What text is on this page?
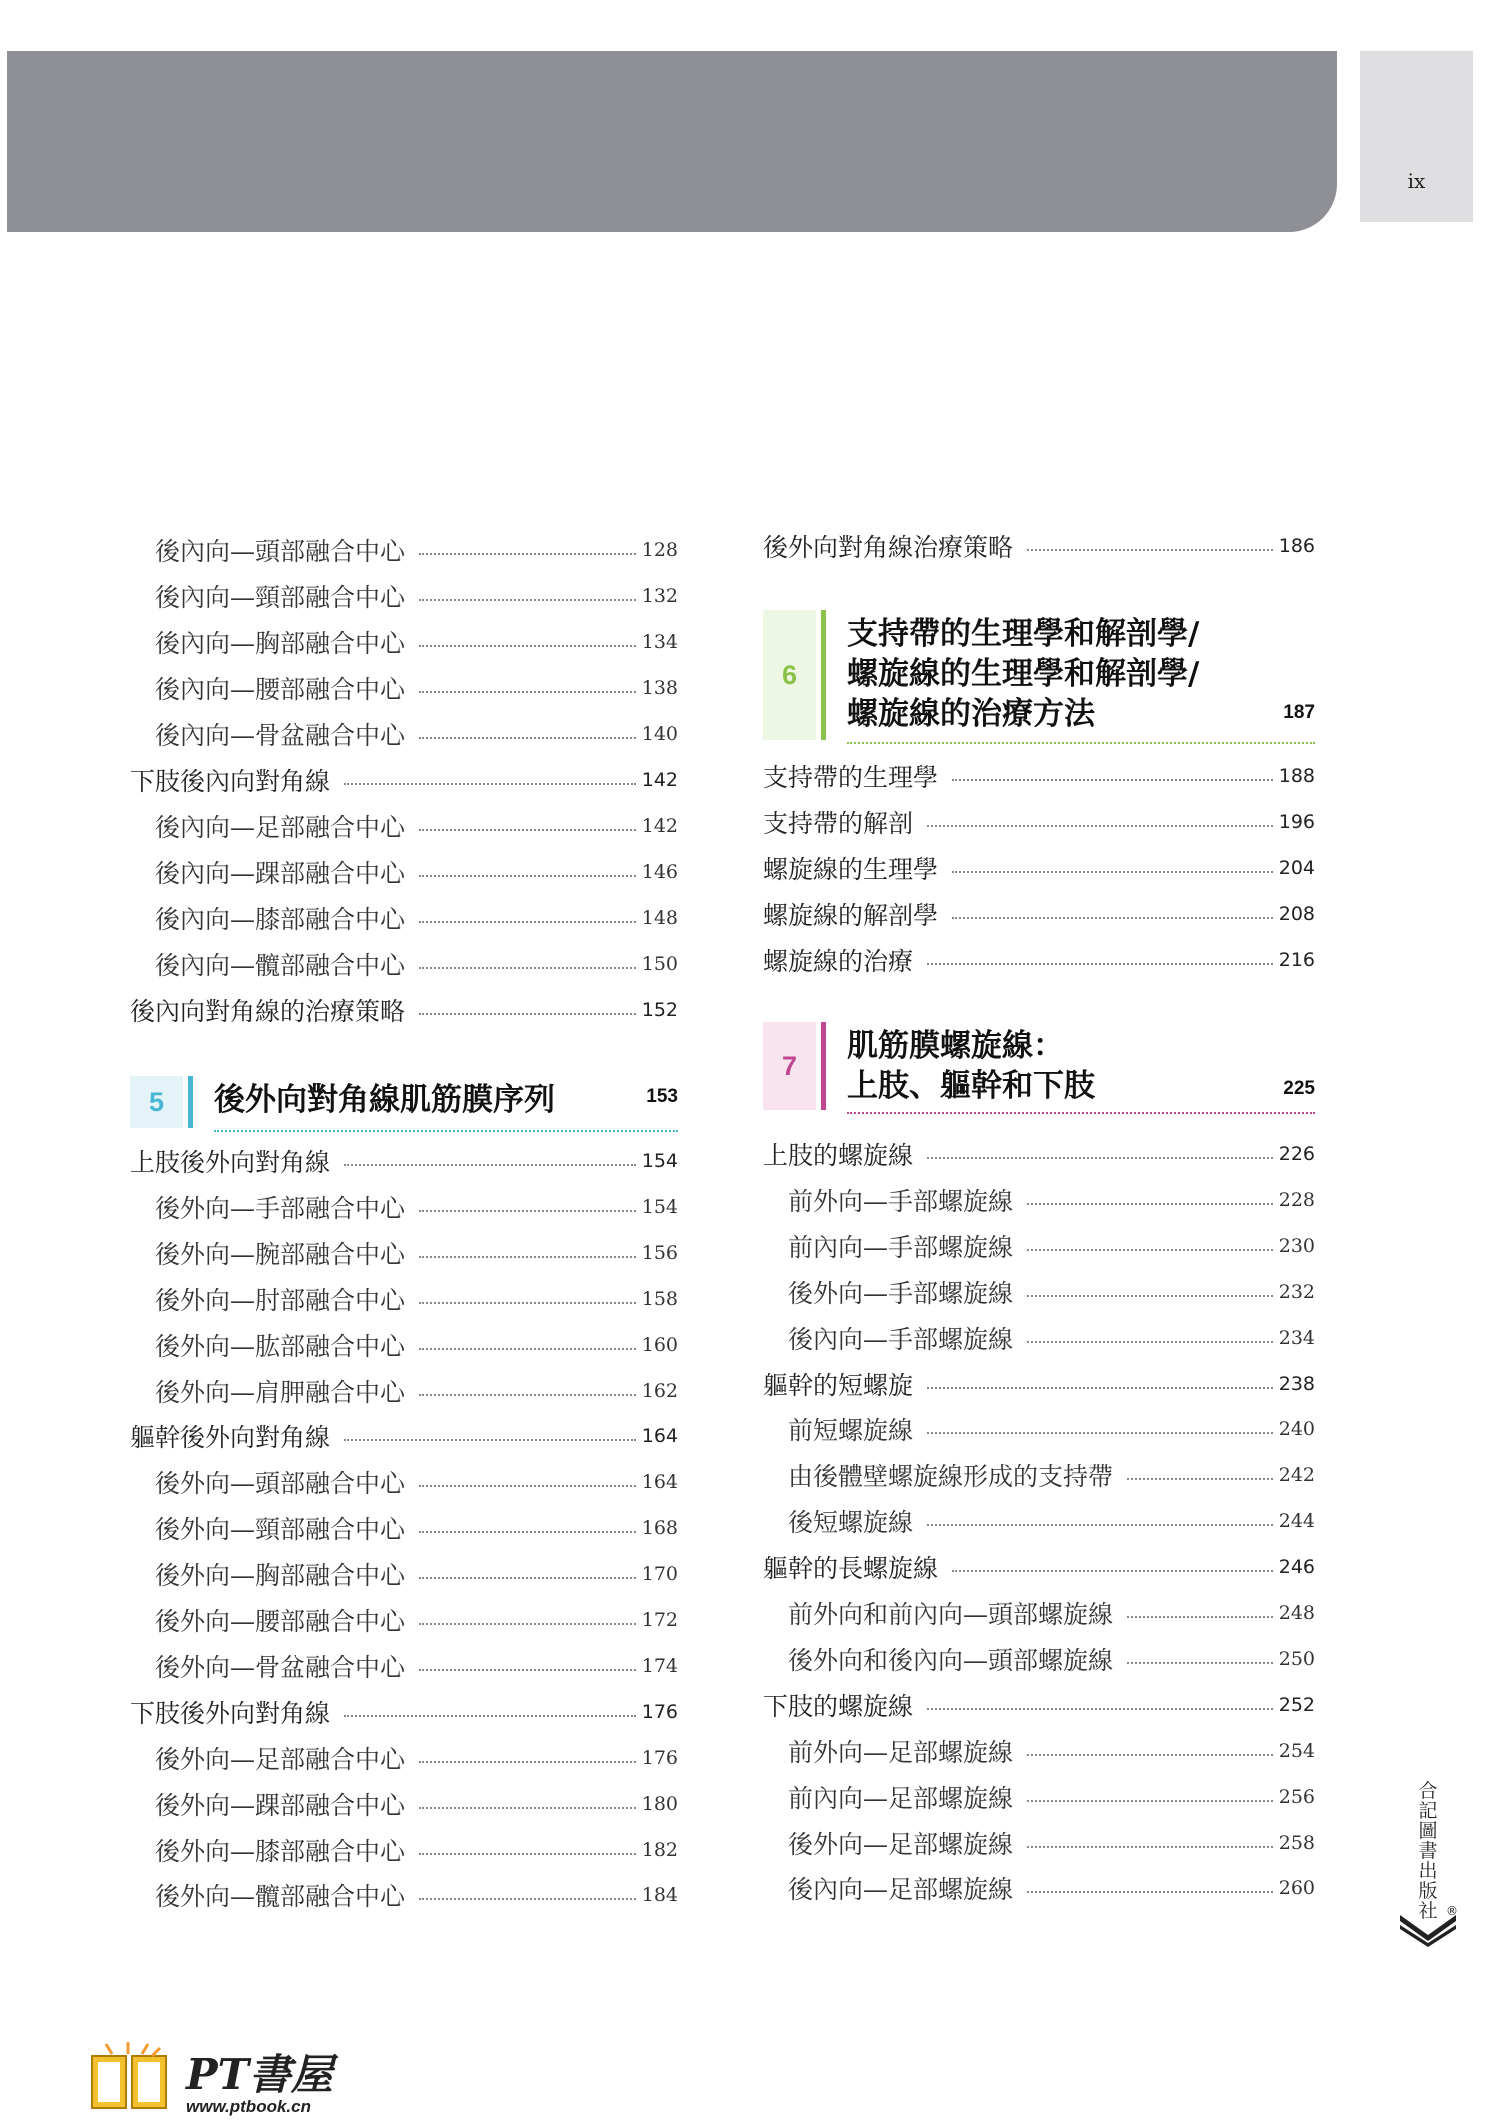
ix
後內向—頭部融合中心	128
後內向—頸部融合中心	132
後內向—胸部融合中心	134
後內向—腰部融合中心	138
後內向—骨盆融合中心	140
下肢後內向對角線	142
後內向—足部融合中心	142
後內向—踝部融合中心	146
後內向—膝部融合中心	148
後內向—髖部融合中心	150
後內向對角線的治療策略	152
5	後外向對角線肌筋膜序列	153
上肢後外向對角線	154
後外向—手部融合中心	154
後外向—腕部融合中心	156
後外向—肘部融合中心	158
後外向—肱部融合中心	160
後外向—肩胛融合中心	162
軀幹後外向對角線	164
後外向—頭部融合中心	164
後外向—頸部融合中心	168
後外向—胸部融合中心	170
後外向—腰部融合中心	172
後外向—骨盆融合中心	174
下肢後外向對角線	176
後外向—足部融合中心	176
後外向—踝部融合中心	180
後外向—膝部融合中心	182
後外向—髖部融合中心	184
後外向對角線治療策略	186
6
支持帶的生理學和解剖學/
螺旋線的生理學和解剖學/
螺旋線的治療方法	187
支持帶的生理學	188
支持帶的解剖	196
螺旋線的生理學	204
螺旋線的解剖學	208
螺旋線的治療	216
7
肌筋膜螺旋線：
上肢、軀幹和下肢	225
上肢的螺旋線	226
前外向—手部螺旋線	228
前內向—手部螺旋線	230
後外向—手部螺旋線	232
後內向—手部螺旋線	234
軀幹的短螺旋	238
前短螺旋線	240
由後體壁螺旋線形成的支持帶	242
後短螺旋線	244
軀幹的長螺旋線	246
前外向和前內向—頭部螺旋線	248
後外向和後內向—頭部螺旋線	250
下肢的螺旋線	252
前外向—足部螺旋線	254
前內向—足部螺旋線	256
後外向—足部螺旋線	258
後內向—足部螺旋線	260
合記圖書出版社 ®
PT書屋
www.ptbook.cn
